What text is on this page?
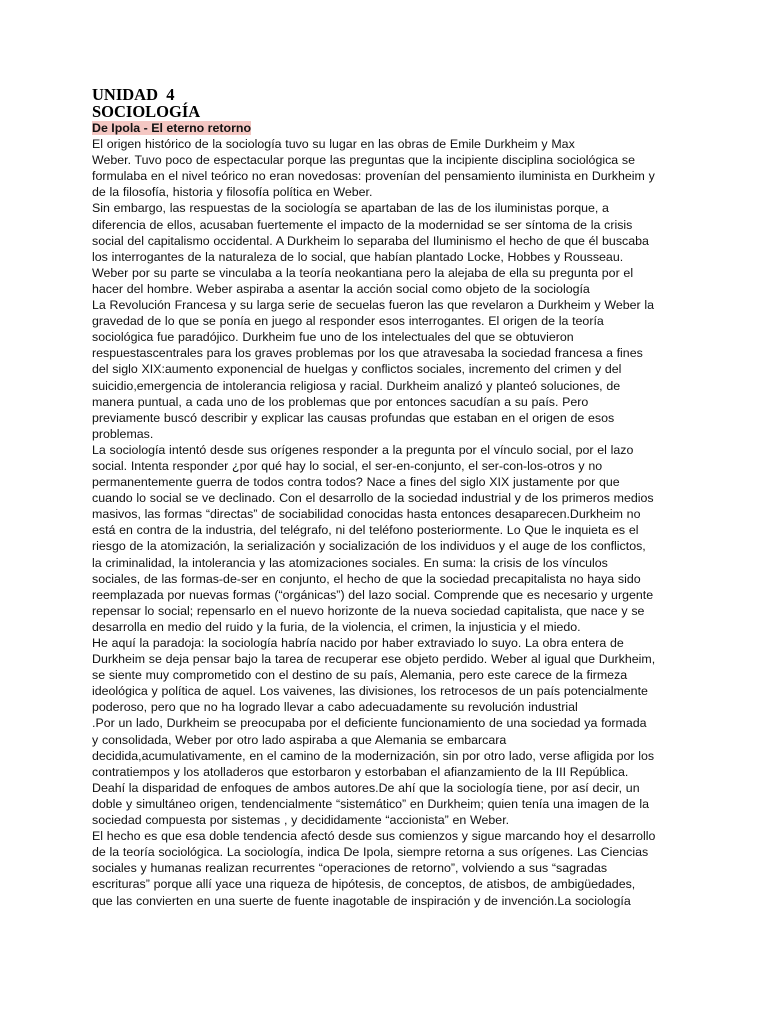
UNIDAD  4
SOCIOLOGÍA
De Ipola - El eterno retorno
El origen histórico de la sociología tuvo su lugar en las obras de Emile Durkheim y Max
Weber. Tuvo poco de espectacular porque las preguntas que la incipiente disciplina sociológica se
formulaba en el nivel teórico no eran novedosas: provenían del pensamiento iluminista en Durkheim y
de la filosofía, historia y filosofía política en Weber.
Sin embargo, las respuestas de la sociología se apartaban de las de los iluministas porque, a
diferencia de ellos, acusaban fuertemente el impacto de la modernidad se ser síntoma de la crisis
social del capitalismo occidental. A Durkheim lo separaba del Iluminismo el hecho de que él buscaba
los interrogantes de la naturaleza de lo social, que habían plantado Locke, Hobbes y Rousseau.
Weber por su parte se vinculaba a la teoría neokantiana pero la alejaba de ella su pregunta por el
hacer del hombre. Weber aspiraba a asentar la acción social como objeto de la sociología
La Revolución Francesa y su larga serie de secuelas fueron las que revelaron a Durkheim y Weber la
gravedad de lo que se ponía en juego al responder esos interrogantes. El origen de la teoría
sociológica fue paradójico. Durkheim fue uno de los intelectuales del que se obtuvieron
respuestascentrales para los graves problemas por los que atravesaba la sociedad francesa a fines
del siglo XIX:aumento exponencial de huelgas y conflictos sociales, incremento del crimen y del
suicidio,emergencia de intolerancia religiosa y racial. Durkheim analizó y planteó soluciones, de
manera puntual, a cada uno de los problemas que por entonces sacudían a su país. Pero
previamente buscó describir y explicar las causas profundas que estaban en el origen de esos
problemas.
La sociología intentó desde sus orígenes responder a la pregunta por el vínculo social, por el lazo
social. Intenta responder ¿por qué hay lo social, el ser-en-conjunto, el ser-con-los-otros y no
permanentemente guerra de todos contra todos? Nace a fines del siglo XIX justamente por que
cuando lo social se ve declinado. Con el desarrollo de la sociedad industrial y de los primeros medios
masivos, las formas “directas” de sociabilidad conocidas hasta entonces desaparecen.Durkheim no
está en contra de la industria, del telégrafo, ni del teléfono posteriormente. Lo Que le inquieta es el
riesgo de la atomización, la serialización y socialización de los individuos y el auge de los conflictos,
la criminalidad, la intolerancia y las atomizaciones sociales. En suma: la crisis de los vínculos
sociales, de las formas-de-ser en conjunto, el hecho de que la sociedad precapitalista no haya sido
reemplazada por nuevas formas (“orgánicas”) del lazo social. Comprende que es necesario y urgente
repensar lo social; repensarlo en el nuevo horizonte de la nueva sociedad capitalista, que nace y se
desarrolla en medio del ruido y la furia, de la violencia, el crimen, la injusticia y el miedo.
He aquí la paradoja: la sociología habría nacido por haber extraviado lo suyo. La obra entera de
Durkheim se deja pensar bajo la tarea de recuperar ese objeto perdido. Weber al igual que Durkheim,
se siente muy comprometido con el destino de su país, Alemania, pero este carece de la firmeza
ideológica y política de aquel. Los vaivenes, las divisiones, los retrocesos de un país potencialmente
poderoso, pero que no ha logrado llevar a cabo adecuadamente su revolución industrial
.Por un lado, Durkheim se preocupaba por el deficiente funcionamiento de una sociedad ya formada
y consolidada, Weber por otro lado aspiraba a que Alemania se embarcara
decidida,acumulativamente, en el camino de la modernización, sin por otro lado, verse afligida por los
contratiempos y los atolladeros que estorbaron y estorbaban el afianzamiento de la III República.
Deahí la disparidad de enfoques de ambos autores.De ahí que la sociología tiene, por así decir, un
doble y simultáneo origen, tendencialmente “sistemático” en Durkheim; quien tenía una imagen de la
sociedad compuesta por sistemas , y decididamente “accionista” en Weber.
El hecho es que esa doble tendencia afectó desde sus comienzos y sigue marcando hoy el desarrollo
de la teoría sociológica. La sociología, indica De Ipola, siempre retorna a sus orígenes. Las Ciencias
sociales y humanas realizan recurrentes “operaciones de retorno”, volviendo a sus “sagradas
escrituras” porque allí yace una riqueza de hipótesis, de conceptos, de atisbos, de ambigüedades,
que las convierten en una suerte de fuente inagotable de inspiración y de invención.La sociología
